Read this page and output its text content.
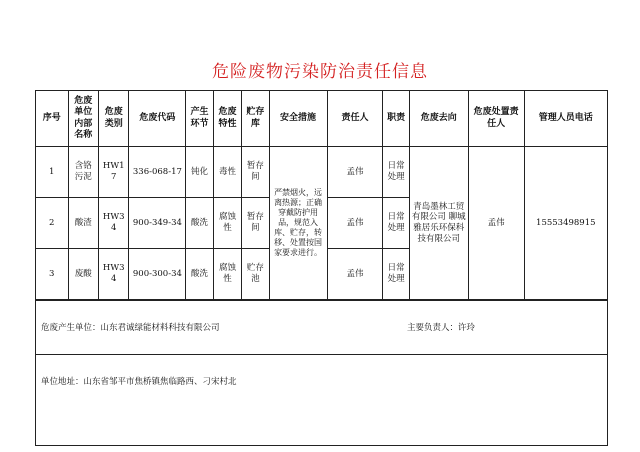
危险废物污染防治责任信息
序号	危废单位内部名称	危废类别	危废代码	产生环节	危废特性	贮存库	安全措施	责任人	职责	危废去向	危废处置责任人	管理人员电话
1	含铬污泥	HW17	336-068-17	钝化	毒性	暂存间	严禁烟火，远离热源；正确穿戴防护用品，规范入库、贮存，转移、处置按国家要求进行。	孟伟	日常处理	青岛墨林工贸有限公司 聊城雅居乐环保科技有限公司	孟伟	15553498915
2	酸渣	HW34	900-349-34	酸洗	腐蚀性	暂存间		孟伟	日常处理			
3	废酸	HW34	900-300-34	酸洗	腐蚀性	贮存池		孟伟	日常处理			
危废产生单位：山东君诚绿能材料科技有限公司	主要负责人：许玲
单位地址：山东省邹平市焦桥镇焦临路西、刁宋村北
